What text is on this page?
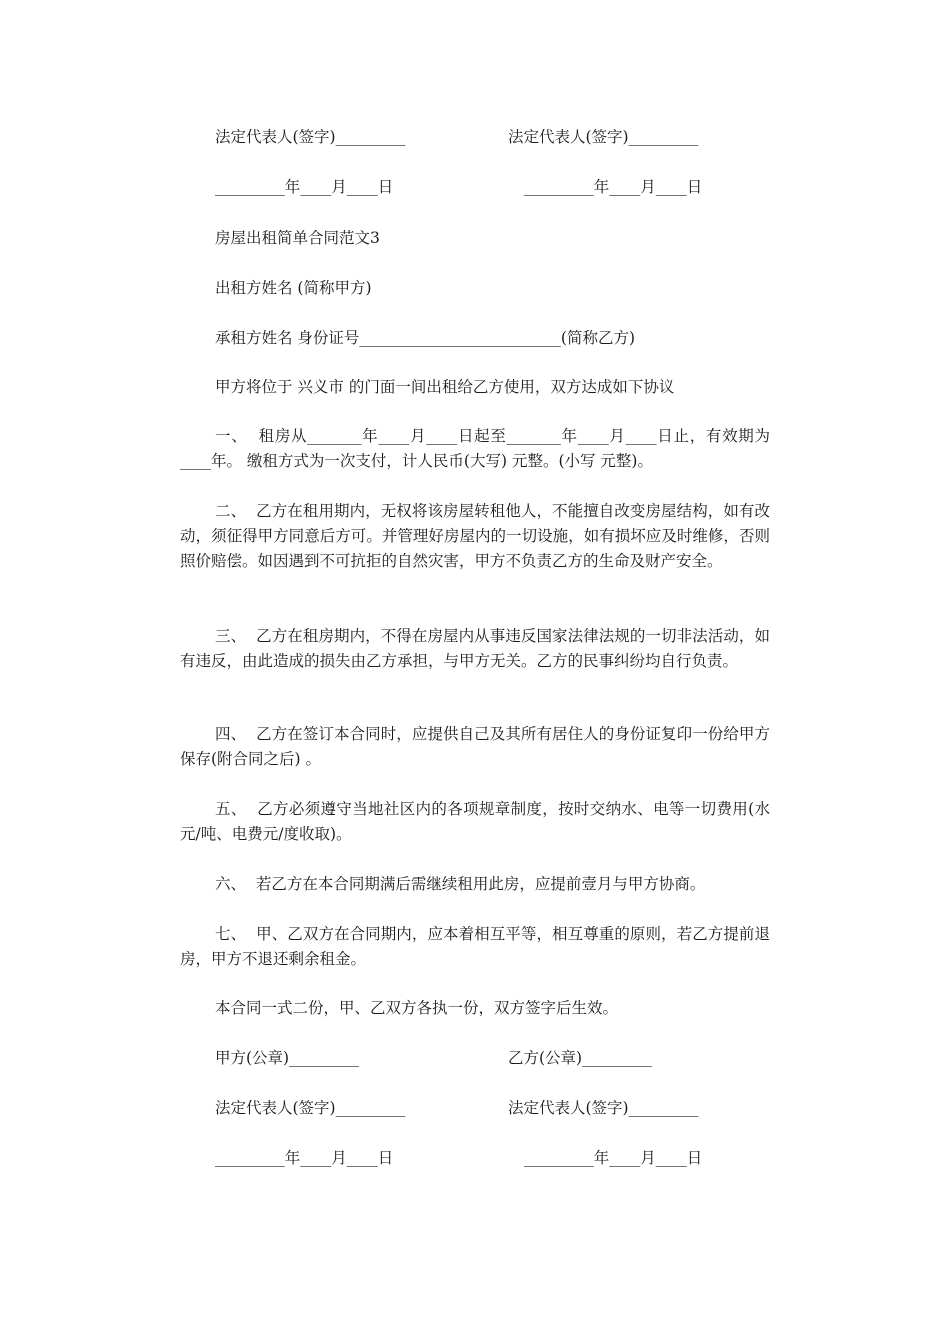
法定代表人(签字)_________	法定代表人(签字)_________
_________年____月____日	_________年____月____日
房屋出租简单合同范文3
出租方姓名 (简称甲方)
承租方姓名 身份证号__________________________(简称乙方)
甲方将位于 兴义市 的门面一间出租给乙方使用，双方达成如下协议
一、  租房从_______年____月____日起至_______年____月____日止，有效期为____年。 缴租方式为一次支付，计人民币(大写) 元整。(小写 元整)。
二、  乙方在租用期内，无权将该房屋转租他人，不能擅自改变房屋结构，如有改动，须征得甲方同意后方可。并管理好房屋内的一切设施，如有损坏应及时维修，否则照价赔偿。如因遇到不可抗拒的自然灾害，甲方不负责乙方的生命及财产安全。
三、  乙方在租房期内，不得在房屋内从事违反国家法律法规的一切非法活动，如有违反，由此造成的损失由乙方承担，与甲方无关。乙方的民事纠纷均自行负责。
四、  乙方在签订本合同时，应提供自己及其所有居住人的身份证复印一份给甲方保存(附合同之后) 。
五、  乙方必须遵守当地社区内的各项规章制度，按时交纳水、电等一切费用(水元/吨、电费元/度收取)。
六、  若乙方在本合同期满后需继续租用此房，应提前壹月与甲方协商。
七、  甲、乙双方在合同期内，应本着相互平等，相互尊重的原则，若乙方提前退房，甲方不退还剩余租金。
本合同一式二份，甲、乙双方各执一份，双方签字后生效。
甲方(公章)_________	乙方(公章)_________
法定代表人(签字)_________	法定代表人(签字)_________
_________年____月____日	_________年____月____日
